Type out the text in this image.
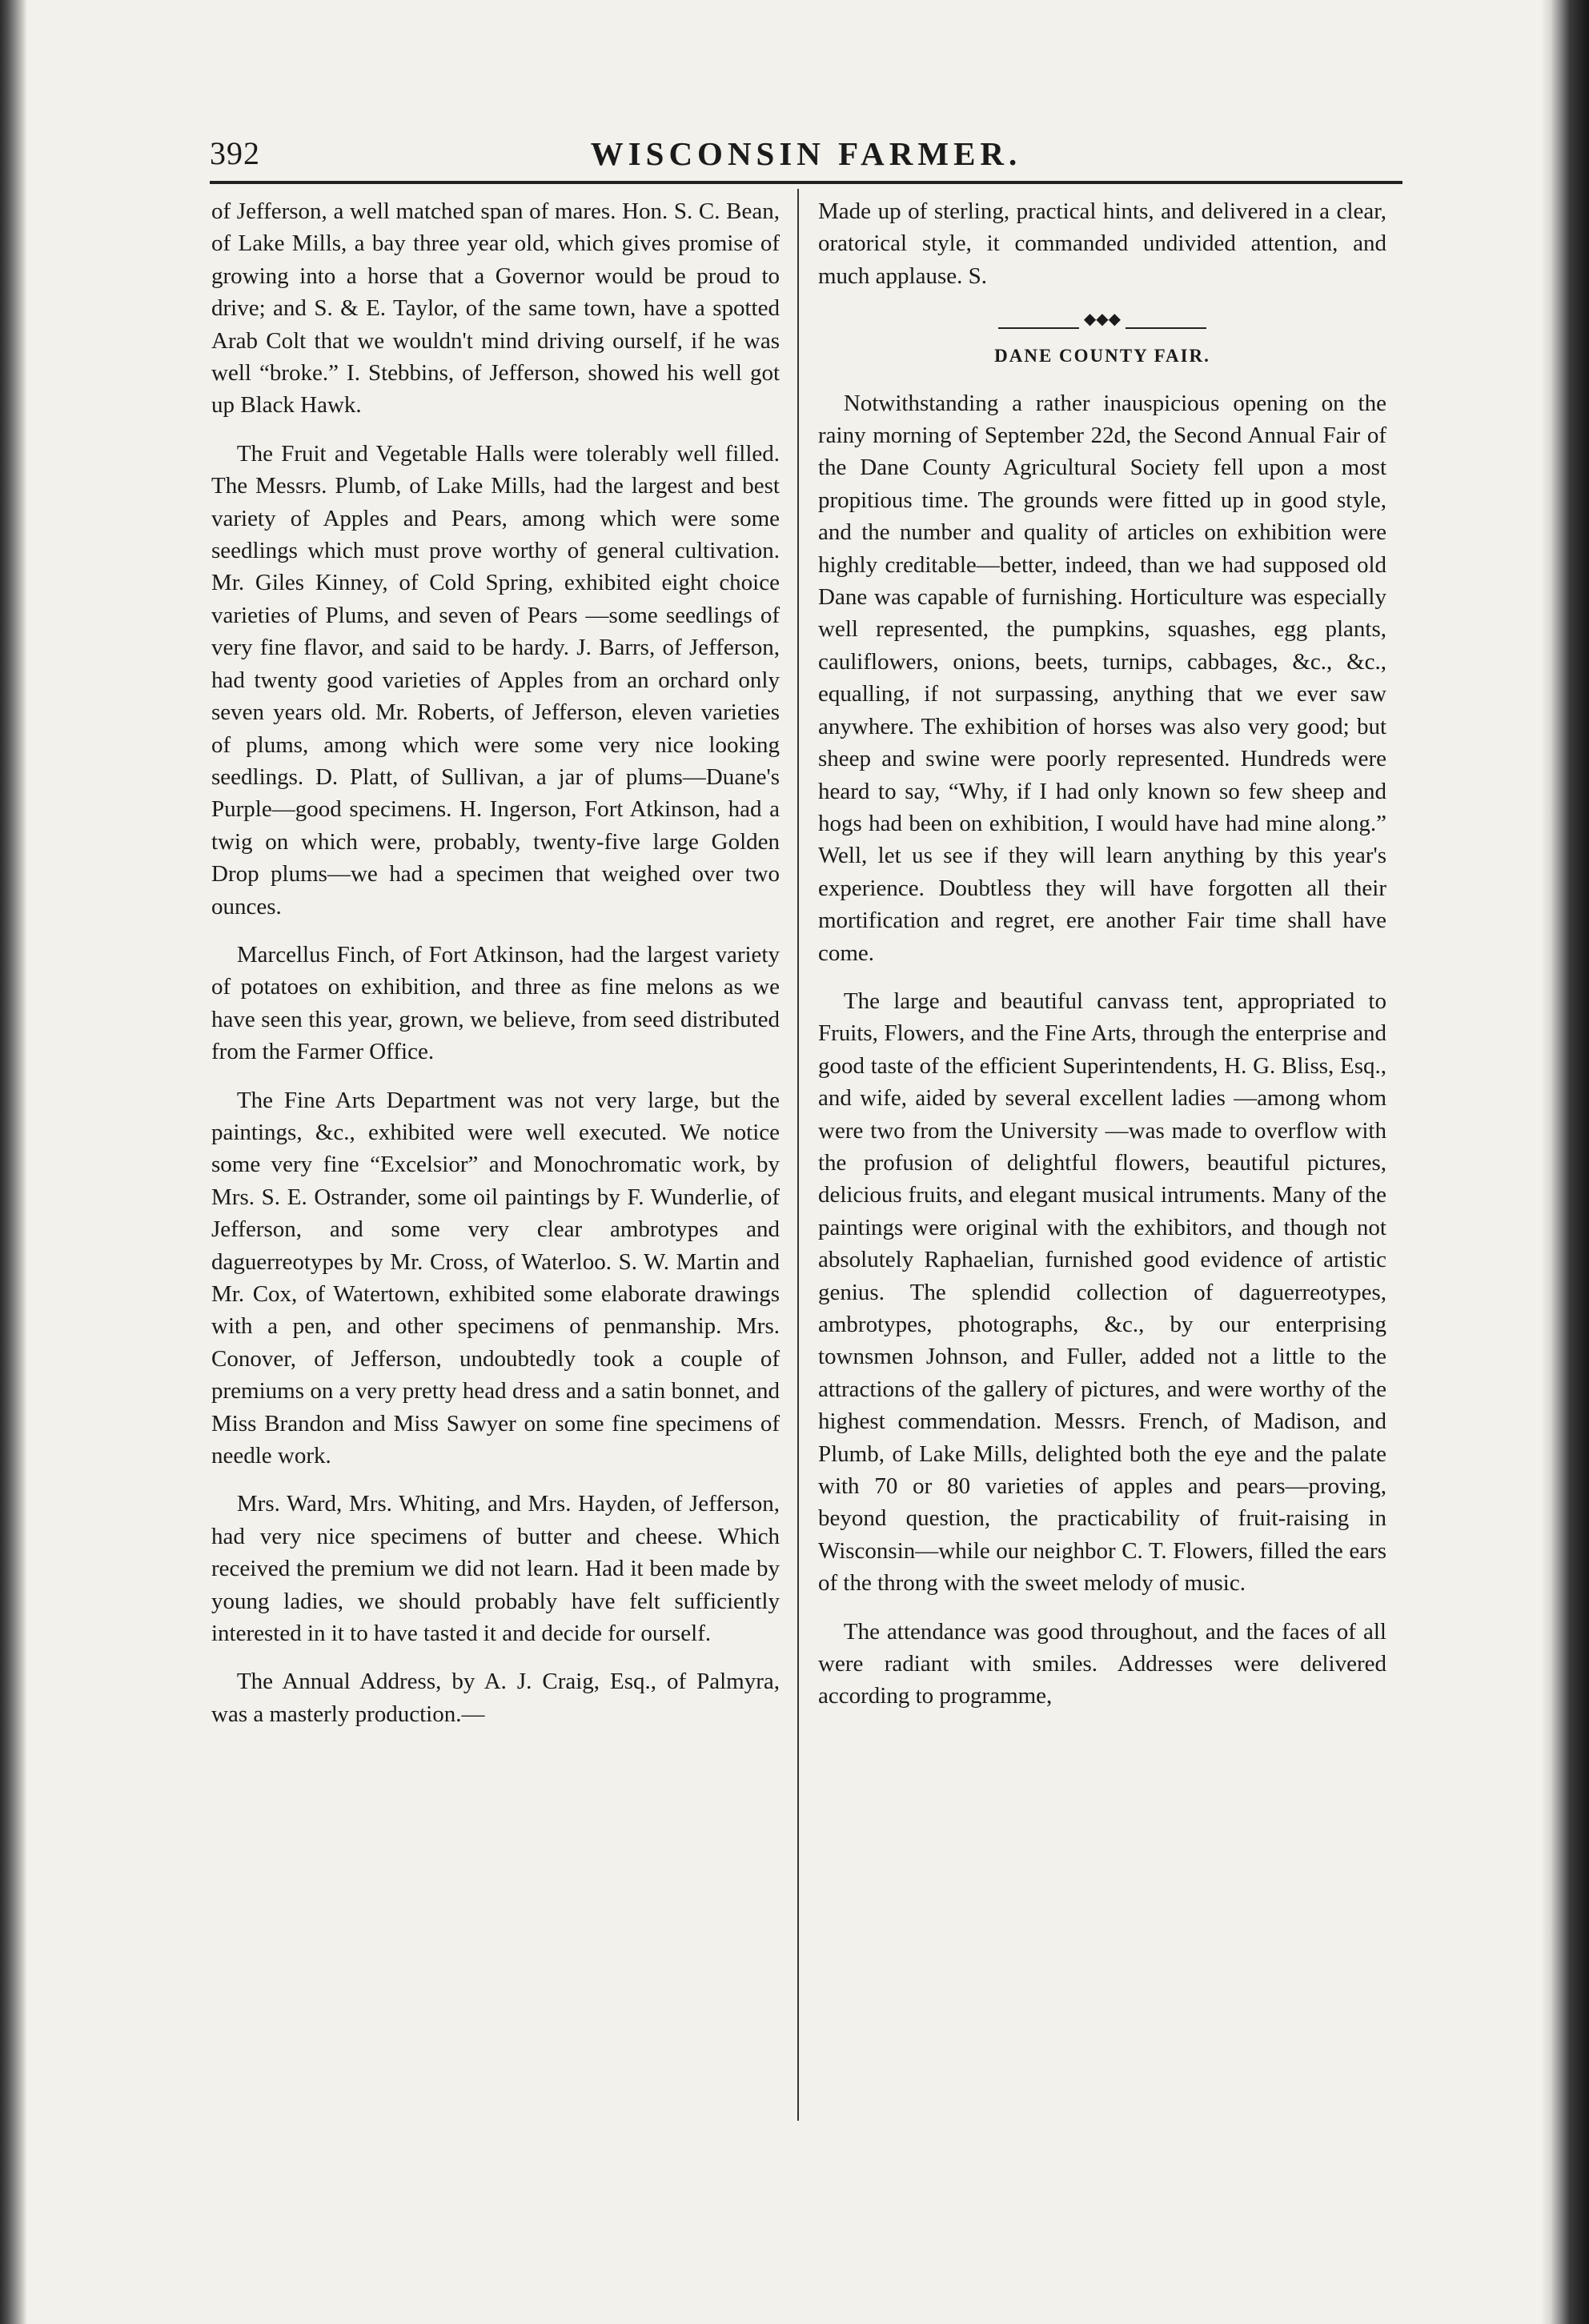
392	WISCONSIN FARMER.

of Jefferson, a well matched span of mares. Hon. S. C. Bean, of Lake Mills, a bay three year old, which gives promise of growing into a horse that a Governor would be proud to drive; and S. & E. Taylor, of the same town, have a spotted Arab Colt that we wouldn't mind driving ourself, if he was well “broke.” I. Stebbins, of Jefferson, showed his well got up Black Hawk.

The Fruit and Vegetable Halls were tolerably well filled. The Messrs. Plumb, of Lake Mills, had the largest and best variety of Apples and Pears, among which were some seedlings which must prove worthy of general cultivation. Mr. Giles Kinney, of Cold Spring, exhibited eight choice varieties of Plums, and seven of Pears —some seedlings of very fine flavor, and said to be hardy. J. Barrs, of Jefferson, had twenty good varieties of Apples from an orchard only seven years old. Mr. Roberts, of Jefferson, eleven varieties of plums, among which were some very nice looking seedlings. D. Platt, of Sullivan, a jar of plums—Duane's Purple—good specimens. H. Ingerson, Fort Atkinson, had a twig on which were, probably, twenty-five large Golden Drop plums—we had a specimen that weighed over two ounces.

Marcellus Finch, of Fort Atkinson, had the largest variety of potatoes on exhibition, and three as fine melons as we have seen this year, grown, we believe, from seed distributed from the Farmer Office.

The Fine Arts Department was not very large, but the paintings, &c., exhibited were well executed. We notice some very fine “Excelsior” and Monochromatic work, by Mrs. S. E. Ostrander, some oil paintings by F. Wunderlie, of Jefferson, and some very clear ambrotypes and daguerreotypes by Mr. Cross, of Waterloo. S. W. Martin and Mr. Cox, of Watertown, exhibited some elaborate drawings with a pen, and other specimens of penmanship. Mrs. Conover, of Jefferson, undoubtedly took a couple of premiums on a very pretty head dress and a satin bonnet, and Miss Brandon and Miss Sawyer on some fine specimens of needle work.

Mrs. Ward, Mrs. Whiting, and Mrs. Hayden, of Jefferson, had very nice specimens of butter and cheese. Which received the premium we did not learn. Had it been made by young ladies, we should probably have felt sufficiently interested in it to have tasted it and decide for ourself.

The Annual Address, by A. J. Craig, Esq., of Palmyra, was a masterly production.—

Made up of sterling, practical hints, and delivered in a clear, oratorical style, it commanded undivided attention, and much applause. S.

◆◆◆
DANE COUNTY FAIR.

Notwithstanding a rather inauspicious opening on the rainy morning of September 22d, the Second Annual Fair of the Dane County Agricultural Society fell upon a most propitious time. The grounds were fitted up in good style, and the number and quality of articles on exhibition were highly creditable—better, indeed, than we had supposed old Dane was capable of furnishing. Horticulture was especially well represented, the pumpkins, squashes, egg plants, cauliflowers, onions, beets, turnips, cabbages, &c., &c., equalling, if not surpassing, anything that we ever saw anywhere. The exhibition of horses was also very good; but sheep and swine were poorly represented. Hundreds were heard to say, “Why, if I had only known so few sheep and hogs had been on exhibition, I would have had mine along.” Well, let us see if they will learn anything by this year's experience. Doubtless they will have forgotten all their mortification and regret, ere another Fair time shall have come.

The large and beautiful canvass tent, appropriated to Fruits, Flowers, and the Fine Arts, through the enterprise and good taste of the efficient Superintendents, H. G. Bliss, Esq., and wife, aided by several excellent ladies —among whom were two from the University —was made to overflow with the profusion of delightful flowers, beautiful pictures, delicious fruits, and elegant musical intruments. Many of the paintings were original with the exhibitors, and though not absolutely Raphaelian, furnished good evidence of artistic genius. The splendid collection of daguerreotypes, ambrotypes, photographs, &c., by our enterprising townsmen Johnson, and Fuller, added not a little to the attractions of the gallery of pictures, and were worthy of the highest commendation. Messrs. French, of Madison, and Plumb, of Lake Mills, delighted both the eye and the palate with 70 or 80 varieties of apples and pears—proving, beyond question, the practicability of fruit-raising in Wisconsin—while our neighbor C. T. Flowers, filled the ears of the throng with the sweet melody of music.

The attendance was good throughout, and the faces of all were radiant with smiles. Addresses were delivered according to programme,
